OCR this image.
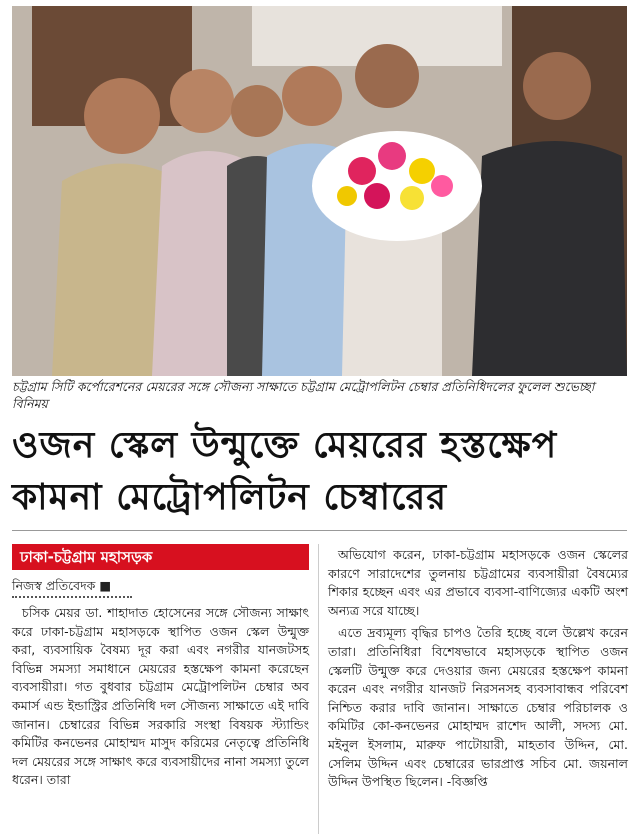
চট্টগ্রাম সিটি কর্পোরেশনের মেয়রের সঙ্গে সৌজন্য সাক্ষাতে চট্টগ্রাম মেট্রোপলিটন চেম্বার প্রতিনিধিদলের ফুলেল শুভেচ্ছা বিনিময়
ওজন স্কেল উন্মুক্তে মেয়রের হস্তক্ষেপ
কামনা মেট্রোপলিটন চেম্বারের
ঢাকা-চট্টগ্রাম মহাসড়ক
নিজস্ব প্রতিবেদক ■

চসিক মেয়র ডা. শাহাদাত হোসেনের সঙ্গে সৌজন্য সাক্ষাৎ করে ঢাকা-চট্টগ্রাম মহাসড়কে স্থাপিত ওজন স্কেল উন্মুক্ত করা, ব্যবসায়িক বৈষম্য দূর করা এবং নগরীর যানজটসহ বিভিন্ন সমস্যা সমাধানে মেয়রের হস্তক্ষেপ কামনা করেছেন ব্যবসায়ীরা। গত বুধবার চট্টগ্রাম মেট্রোপলিটন চেম্বার অব কমার্স এন্ড ইন্ডাস্ট্রির প্রতিনিধি দল সৌজন্য সাক্ষাতে এই দাবি জানান। চেম্বারের বিভিন্ন সরকারি সংস্থা বিষয়ক স্ট্যান্ডিং কমিটির কনভেনর মোহাম্মদ মাসুদ করিমের নেতৃত্বে প্রতিনিধি দল মেয়রের সঙ্গে সাক্ষাৎ করে ব্যবসায়ীদের নানা সমস্যা তুলে ধরেন। তারা

অভিযোগ করেন, ঢাকা-চট্টগ্রাম মহাসড়কে ওজন স্কেলের কারণে সারাদেশের তুলনায় চট্টগ্রামের ব্যবসায়ীরা বৈষম্যের শিকার হচ্ছেন এবং এর প্রভাবে ব্যবসা-বাণিজ্যের একটি অংশ অন্যত্র সরে যাচ্ছে।

এতে দ্রব্যমূল্য বৃদ্ধির চাপও তৈরি হচ্ছে বলে উল্লেখ করেন তারা। প্রতিনিধিরা বিশেষভাবে মহাসড়কে স্থাপিত ওজন স্কেলটি উন্মুক্ত করে দেওয়ার জন্য মেয়রের হস্তক্ষেপ কামনা করেন এবং নগরীর যানজট নিরসনসহ ব্যবসাবান্ধব পরিবেশ নিশ্চিত করার দাবি জানান। সাক্ষাতে চেম্বার পরিচালক ও কমিটির কো-কনভেনর মোহাম্মদ রাশেদ আলী, সদস্য মো. মইনুল ইসলাম, মারুফ পাটোয়ারী, মাহতাব উদ্দিন, মো. সেলিম উদ্দিন এবং চেম্বারের ভারপ্রাপ্ত সচিব মো. জয়নাল উদ্দিন উপস্থিত ছিলেন। -বিজ্ঞপ্তি
